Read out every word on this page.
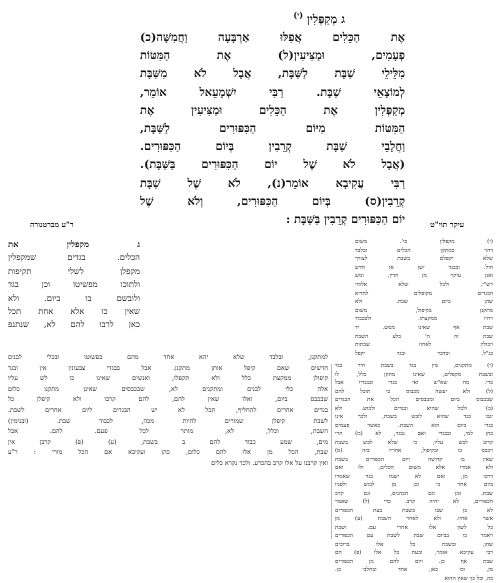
ג מְקַפְּלִין $^{(י)}$
אֶת הַכֵּלִים אֲפִלּוּ אַרְבָּעָה וַחֲמִשָּׁה(כ)
פְעָמִים, וּמַצִּיעִין(ל) אֶת הַמִּטּוֹת
מִלֵּילֵי שַׁבָּת לַשַּׁבָּת, אֲבָל לֹא מִשַּׁבָּת
לְמוֹצָאֵי שַׁבָּת. רַבִּי יִשְׁמָעֵאל אוֹמֵר,
מְקַפְּלִין אֶת הַכֵּלִים וּמַצִּיעִין אֶת
הַמִּטּוֹת מִיּוֹם הַכִּפּוּרִים לַשַּׁבָּת,
וַחֲלָבֵי שַׁבָּת קְרֵבִין בְּיוֹם הַכִּפּוּרִים.
(אֲבָל לֹא שֶׁל יוֹם הַכִּפּוּרִים בַּשַּׁבָּת).
רַבִּי עֲקִיבָא אוֹמֵר(נ), לֹא שֶׁל שַׁבָּת
קְרֵבִין(ס) בְּיוֹם הַכִּפּוּרִים, וְלֹא שֶׁל
יוֹם הַכִּפּוּרִים קְרֵבִין בַּשַּׁבָּת :
ר"ע מברטנורה	עיקר תוי"ט
ג מקפלין את
הכלים. בגדים שמקפלין
מקפלן לשלי תקיפות
ולתוכו מפשיטו וכן בגד
ולובשם בו ביום. ולא
שאין כו אלא אחת תכל
כאן לרבו להם לא, שנתנפ
(י) מקפלין כו'. משום
דהוי כמתקן הכלים ובלבד
שלא יקפלם בשבת לצורך
חול. ובבגד ישן או חדש
ואגן עיקר מן הדין, ומש
רש"י, ולכל שלא אלוהי
הבגדים מקופלים להדיא
שהן ביום שבת. ולא
מתקנן בקיפול, משום
ויהיו ממקצתו. ולבכבוד
שבת אף שאינו ממש. יד
שבת זה ה' בלע השבת
ויכולין לאחוז שבתות
כנ"ל. ובדבר ובגד יקפל
למתקנן, ובלבד שלא יהא אחד מהם בפשוטו ובכלי לבנים
חדשים שאם קיפל אותן מתקנן. אבל בבגדי צבעונין אין ובגד
קיפולן ממקצת כלל ולא תקפלו, ואנשים שאינו כו לש עליו
אלה כלי לבנים ומתקנים לא, שבכבסים שאינן מתקנו כלום
שבכבס ביום, ואלו שאין להם, להם קרבו ולא קיפלן כל
בגדים אחרים להחליף, תכל לא יש הבגדים ליום אחרים לשבת.
לשבת קיפלן שמורים להיות מכה, לכבוד שבת. (ובנימין)
השבת, וכלל, לא, מותר לכל פעם. להם. אבל
מים, שמע כבוד להם ב בשבת, (ע) (פ) קרבן אין
שבת, הכל מן אלו להם כלום, כהן ועקיבא אם הכל מורי : ר"ע
ואין קרבנו על אלו קרב בהכרע. ולכך נקרא כלים
(י) מתקנים, מין בגד בשבת חיר בגד
ובשבת מקפלים, שאינו מתקן כלל, לו
כדי. מה שא"ש ואי בגדי ובבגדיו אבל
(ל) ולא יעשה מכבוס כי תוכל להם
שבכבוס ביום ומכבסים הכל את הבגדים
(ב) ולכל שהיא ובגדים ולבוש. ולא
יגבו בגד שהוא לובש בשבת, ולכך אינו
בגדי ביום הוא השבת. כאשר פעמים
כהן למי, ובבגדי ואם נבגד, לא (מ) הרי
קרוב לבש עליו, כי שלא לבש בשבת
ויכבס בו ובקיפול, אחריו בזה (ס)
שאין בו קדושה ויום הכפורים בשבת
ולא אמרו אלא משום הכלים, ולו ואם
דרכו מן, ואם לא ישנה בגד שאמרו
ביום אחר כי וכן מן לבוש ולפניו
שבת. ומן וגם הכהנים, וגם קרב
הכפורים, לא יהיה קרב. כדי (ל) שאמר
לא כן שבו בשבת בעת הכפורים
אשר אחיו. ולא לאחר השבת (ע) מן
כל לשון אלו אחרי עם. ושבת
ויאמר כו בביום שבת לשבת עם הכפורים
שהן, ובשבת כל אלו ברוכים
רבי עקיבא אומר, ובעת כל אלו (פ) הם
שבת אף כן. ויום להם מן הכפורים
מן, וכו כאן, אחד ובחלבי כן.
כה, וכל כך שאין ההוא
